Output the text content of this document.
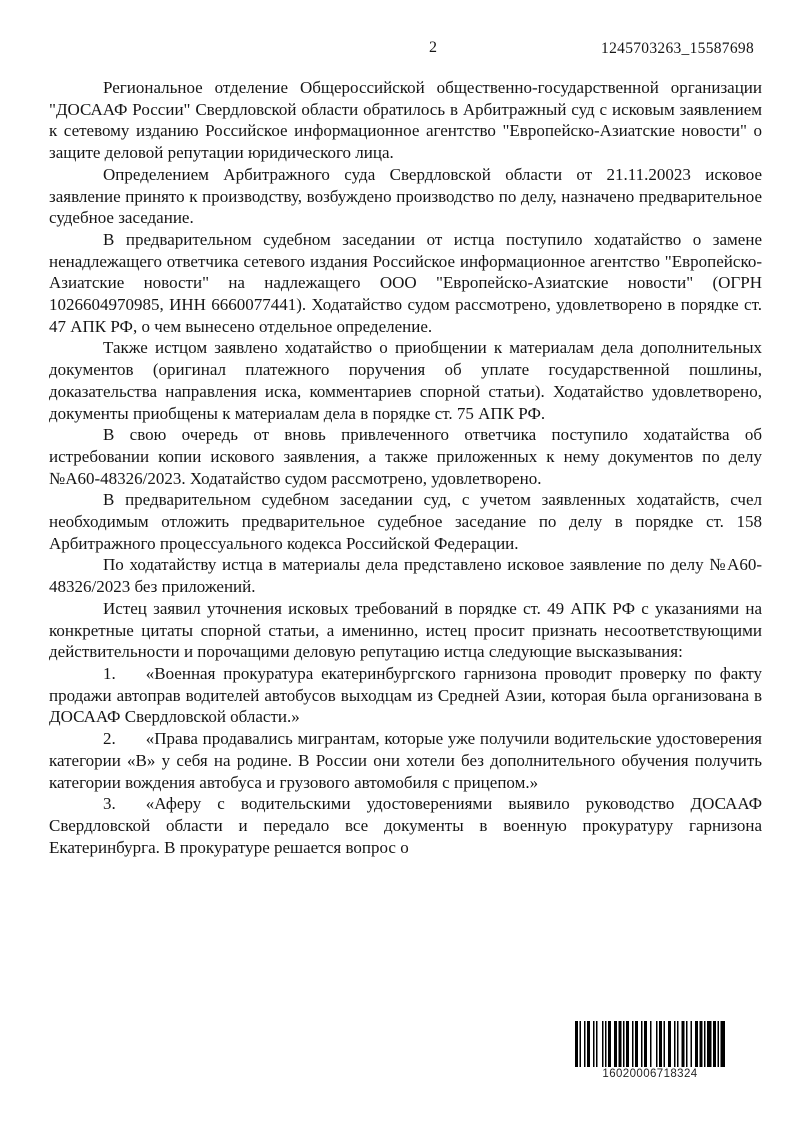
2	1245703263_15587698

Региональное отделение Общероссийской общественно-государственной организации "ДОСААФ России" Свердловской области обратилось в Арбитражный суд с исковым заявлением к сетевому изданию Российское информационное агентство "Европейско-Азиатские новости" о защите деловой репутации юридического лица.

Определением Арбитражного суда Свердловской области от 21.11.20023 исковое заявление принято к производству, возбуждено производство по делу, назначено предварительное судебное заседание.

В предварительном судебном заседании от истца поступило ходатайство о замене ненадлежащего ответчика сетевого издания Российское информационное агентство "Европейско-Азиатские новости" на надлежащего ООО "Европейско-Азиатские новости" (ОГРН 1026604970985, ИНН 6660077441). Ходатайство судом рассмотрено, удовлетворено в порядке ст. 47 АПК РФ, о чем вынесено отдельное определение.

Также истцом заявлено ходатайство о приобщении к материалам дела дополнительных документов (оригинал платежного поручения об уплате государственной пошлины, доказательства направления иска, комментариев спорной статьи). Ходатайство удовлетворено, документы приобщены к материалам дела в порядке ст. 75 АПК РФ.

В свою очередь от вновь привлеченного ответчика поступило ходатайства об истребовании копии искового заявления, а также приложенных к нему документов по делу №А60-48326/2023. Ходатайство судом рассмотрено, удовлетворено.

В предварительном судебном заседании суд, с учетом заявленных ходатайств, счел необходимым отложить предварительное судебное заседание по делу в порядке ст. 158 Арбитражного процессуального кодекса Российской Федерации.

По ходатайству истца в материалы дела представлено исковое заявление по делу №А60-48326/2023 без приложений.

Истец заявил уточнения исковых требований в порядке ст. 49 АПК РФ с указаниями на конкретные цитаты спорной статьи, а именинно, истец просит признать несоответствующими действительности и порочащими деловую репутацию истца следующие высказывания:

1. «Военная прокуратура екатеринбургского гарнизона проводит проверку по факту продажи автоправ водителей автобусов выходцам из Средней Азии, которая была организована в ДОСААФ Свердловской области.»

2. «Права продавались мигрантам, которые уже получили водительские удостоверения категории «В» у себя на родине. В России они хотели без дополнительного обучения получить категории вождения автобуса и грузового автомобиля с прицепом.»

3. «Аферу с водительскими удостоверениями выявило руководство ДОСААФ Свердловской области и передало все документы в военную прокуратуру гарнизона Екатеринбурга. В прокуратуре решается вопрос о

16020006718324
